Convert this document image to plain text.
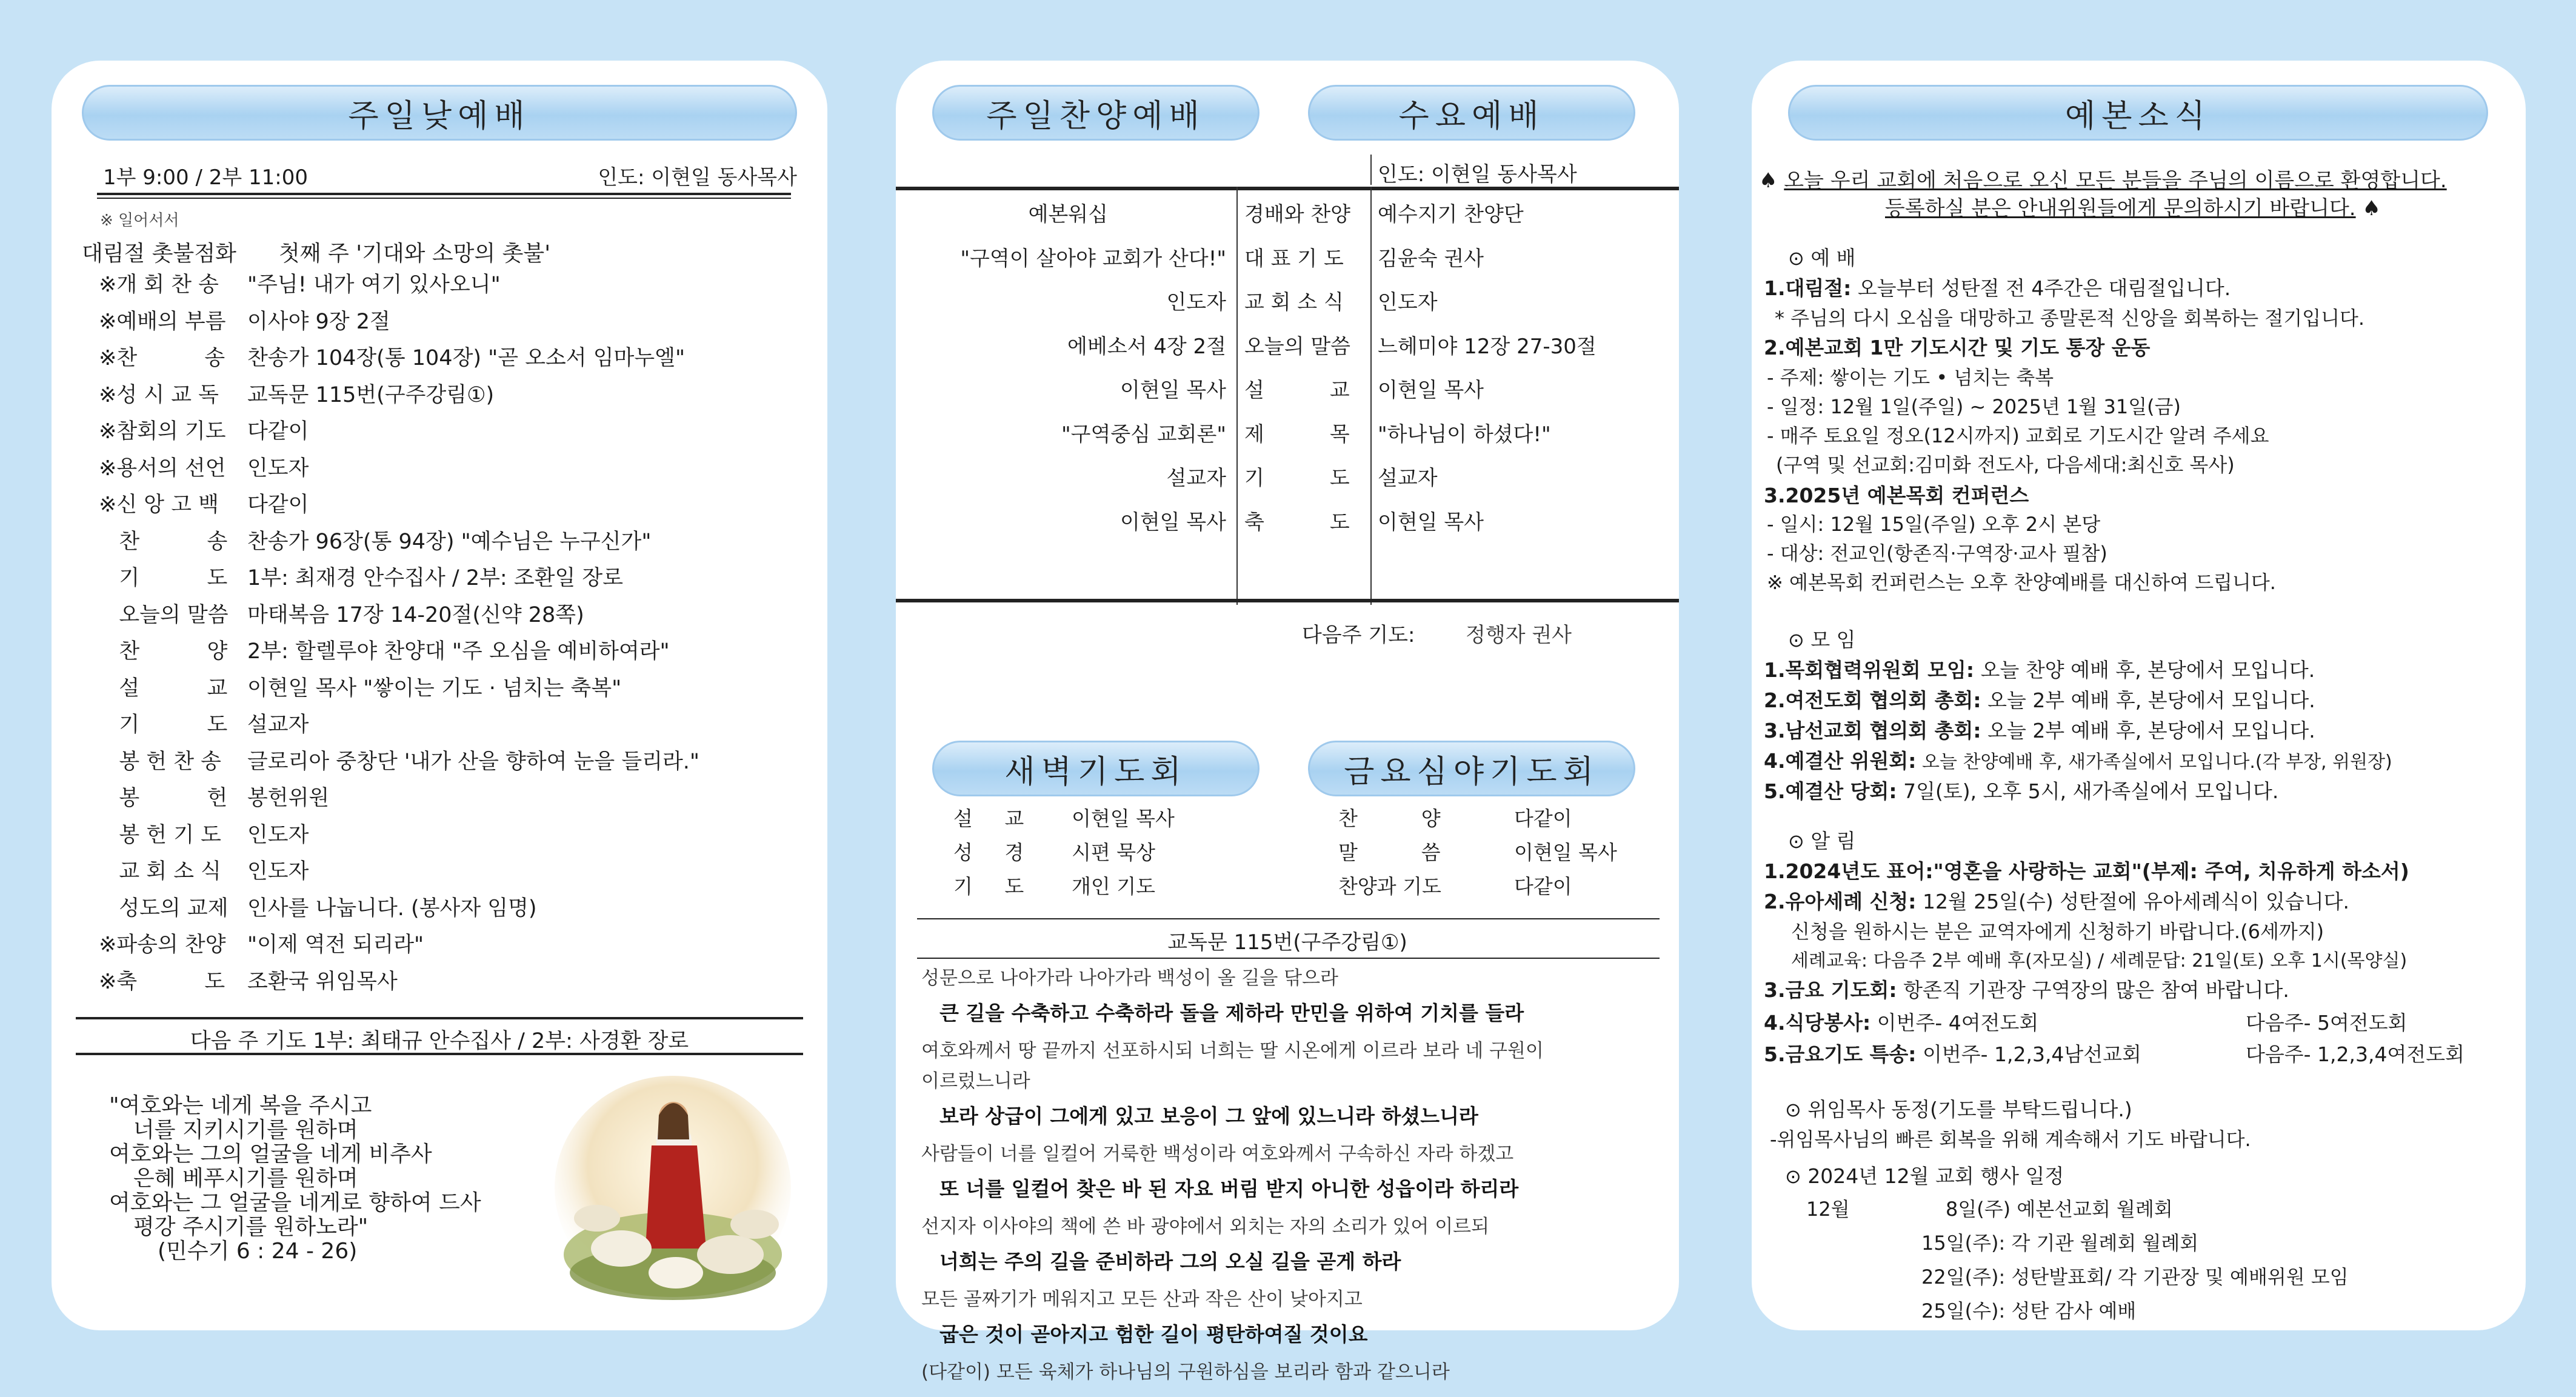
주일낮예배
1부 9:00 / 2부 11:00	인도: 이현일 동사목사
※ 일어서서
대림절 촛불점화 첫째 주 '기대와 소망의 촛불'
※개 회 찬 송	"주님! 내가 여기 있사오니"
※예배의 부름	이사야 9장 2절
※찬          송	찬송가 104장(통 104장) "곧 오소서 임마누엘"
※성 시 교 독	교독문 115번(구주강림①)
※참회의 기도	다같이
※용서의 선언	인도자
※신 앙 고 백	다같이
찬          송 찬송가 96장(통 94장) "예수님은 누구신가"
기          도 1부: 최재경 안수집사 / 2부: 조환일 장로
오늘의 말씀 마태복음 17장 14-20절(신약 28쪽)
찬          양 2부: 할렐루야 찬양대 "주 오심을 예비하여라"
설          교 이현일 목사 "쌓이는 기도 · 넘치는 축복"
기          도 설교자
봉 헌 찬 송	글로리아 중창단 '내가 산을 향하여 눈을 들리라."
봉          헌 봉헌위원
봉 헌 기 도	인도자
교 회 소 식	인도자
성도의 교제 인사를 나눕니다. (봉사자 임명)
※파송의 찬양	"이제 역전 되리라"
※축          도	조환국 위임목사
다음 주 기도 1부: 최태규 안수집사 / 2부: 사경환 장로
"여호와는 네게 복을 주시고
너를 지키시기를 원하며
여호와는 그의 얼굴을 네게 비추사
은혜 베푸시기를 원하며
여호와는 그 얼굴을 네게로 향하여 드사
평강 주시기를 원하노라"
(민수기 6 : 24 - 26)
주일찬양예배	수요예배
인도: 이현일 동사목사
예본워십	경배와 찬양 예수지기 찬양단
"구역이 살아야 교회가 산다!" 대 표 기 도 김윤숙 권사
인도자 교 회 소 식 인도자
에베소서 4장 2절 오늘의 말씀 느헤미야 12장 27-30절
이현일 목사 설          교 이현일 목사
"구역중심 교회론" 제          목 "하나님이 하셨다!"
설교자 기          도 설교자
이현일 목사 축          도 이현일 목사
다음주 기도: 정행자 권사
새벽기도회	금요심야기도회
설     교 이현일 목사
성     경 시편 묵상
기     도 개인 기도
찬          양	다같이
말          씀	이현일 목사
찬양과 기도	다같이
교독문 115번(구주강림①)
성문으로 나아가라 나아가라 백성이 올 길을 닦으라
큰 길을 수축하고 수축하라 돌을 제하라 만민을 위하여 기치를 들라
여호와께서 땅 끝까지 선포하시되 너희는 딸 시온에게 이르라 보라 네 구원이
이르렀느니라
보라 상급이 그에게 있고 보응이 그 앞에 있느니라 하셨느니라
사람들이 너를 일컬어 거룩한 백성이라 여호와께서 구속하신 자라 하겠고
또 너를 일컬어 찾은 바 된 자요 버림 받지 아니한 성읍이라 하리라
선지자 이사야의 책에 쓴 바 광야에서 외치는 자의 소리가 있어 이르되
너희는 주의 길을 준비하라 그의 오실 길을 곧게 하라
모든 골짜기가 메워지고 모든 산과 작은 산이 낮아지고
굽은 것이 곧아지고 험한 길이 평탄하여질 것이요
(다같이) 모든 육체가 하나님의 구원하심을 보리라 함과 같으니라
예본소식
♠ 오늘 우리 교회에 처음으로 오신 모든 분들을 주님의 이름으로 환영합니다.
등록하실 분은 안내위원들에게 문의하시기 바랍니다. ♠
⊙ 예 배
1.대림절: 오늘부터 성탄절 전 4주간은 대림절입니다.
* 주님의 다시 오심을 대망하고 종말론적 신앙을 회복하는 절기입니다.
2.예본교회 1만 기도시간 및 기도 통장 운동
- 주제: 쌓이는 기도 • 넘치는 축복
- 일정: 12월 1일(주일) ~ 2025년 1월 31일(금)
- 매주 토요일 정오(12시까지) 교회로 기도시간 알려 주세요
(구역 및 선교회:김미화 전도사, 다음세대:최신호 목사)
3.2025년 예본목회 컨퍼런스
- 일시: 12월 15일(주일) 오후 2시 본당
- 대상: 전교인(항존직·구역장·교사 필참)
※ 예본목회 컨퍼런스는 오후 찬양예배를 대신하여 드립니다.
⊙ 모 임
1.목회협력위원회 모임: 오늘 찬양 예배 후, 본당에서 모입니다.
2.여전도회 협의회 총회: 오늘 2부 예배 후, 본당에서 모입니다.
3.남선교회 협의회 총회: 오늘 2부 예배 후, 본당에서 모입니다.
4.예결산 위원회: 오늘 찬양예배 후, 새가족실에서 모입니다.(각 부장, 위원장)
5.예결산 당회: 7일(토), 오후 5시, 새가족실에서 모입니다.
⊙ 알 림
1.2024년도 표어:"영혼을 사랑하는 교회"(부제: 주여, 치유하게 하소서)
2.유아세례 신청: 12월 25일(수) 성탄절에 유아세례식이 있습니다.
신청을 원하시는 분은 교역자에게 신청하기 바랍니다.(6세까지)
세례교육: 다음주 2부 예배 후(자모실) / 세례문답: 21일(토) 오후 1시(목양실)
3.금요 기도회: 항존직 기관장 구역장의 많은 참여 바랍니다.
4.식당봉사: 이번주- 4여전도회	다음주- 5여전도회
5.금요기도 특송: 이번주- 1,2,3,4남선교회	다음주- 1,2,3,4여전도회
⊙ 위임목사 동정(기도를 부탁드립니다.)
-위임목사님의 빠른 회복을 위해 계속해서 기도 바랍니다.
⊙ 2024년 12월 교회 행사 일정
12월	8일(주) 예본선교회 월례회
15일(주): 각 기관 월례회 월례회
22일(주): 성탄발표회/ 각 기관장 및 예배위원 모임
25일(수): 성탄 감사 예배
